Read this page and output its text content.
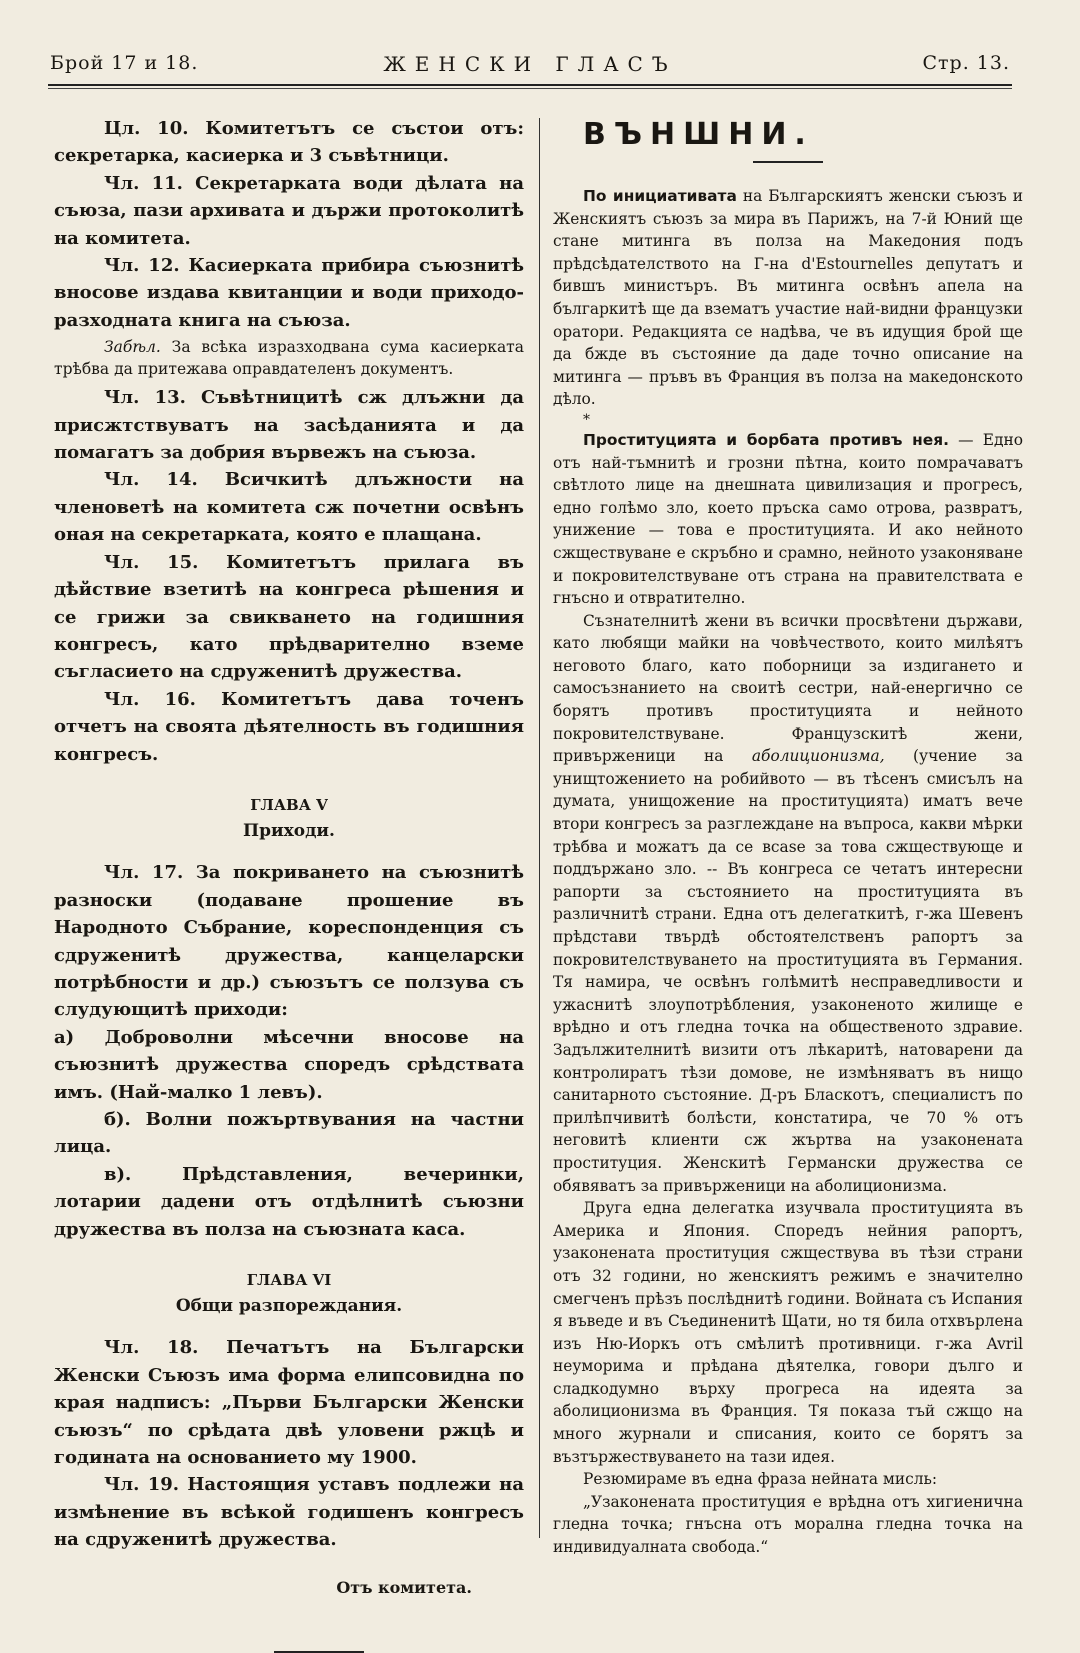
ЖЕНСКИ ГЛАСЪ
Брой 17 и 18.	Стр. 13.

Цл. 10. Комитетътъ се състои отъ: секретарка, касиерка и 3 съвѣтници.

Чл. 11. Секретарката води дѣлата на съюза, пази архивата и държи протоколитѣ на комитета.

Чл. 12. Касиерката прибира съюзнитѣ вносове издава квитанции и води приходо-разходната книга на съюза.

Забѣл. За всѣка изразходвана сума касиерката трѣбва да притежава оправдателенъ документъ.

Чл. 13. Съвѣтницитѣ сж длъжни да присжтствуватъ на засѣданията и да помагатъ за добрия вървежъ на съюза.

Чл. 14. Всичкитѣ длъжности на членоветѣ на комитета сж почетни освѣнъ оная на секретарката, която е плащана.

Чл. 15. Комитетътъ прилага въ дѣйствие взетитѣ на конгреса рѣшения и се грижи за свикването на годишния конгресъ, като прѣдварително вземе съгласието на сдруженитѣ дружества.

Чл. 16. Комитетътъ дава точенъ отчетъ на своята дѣятелность въ годишния конгресъ.

ГЛАВА V

Приходи.

Чл. 17. За покриването на съюзнитѣ разноски (подаване прошение въ Народното Събрание, кореспонденция съ сдруженитѣ дружества, канцеларски потрѣбности и др.) съюзътъ се ползува съ слудующитѣ приходи:

а) Доброволни мѣсечни вносове на съюзнитѣ дружества споредъ срѣдствата имъ. (Най-малко 1 левъ).

б). Волни пожъртвувания на частни лица.

в). Прѣдставления, вечеринки, лотарии дадени отъ отдѣлнитѣ съюзни дружества въ полза на съюзната каса.

ГЛАВА VI

Общи разпореждания.

Чл. 18. Печатътъ на Български Женски Съюзъ има форма елипсовидна по края надписъ: „Първи Български Женски съюзъ“ по срѣдата двѣ уловени ржцѣ и годината на основанието му 1900.

Чл. 19. Настоящия уставъ подлежи на измѣнение въ всѣкой годишенъ конгресъ на сдруженитѣ дружества.

Отъ комитета.

ВЪНШНИ.

По инициативата на Българскиятъ женски съюзъ и Женскиятъ съюзъ за мира въ Парижъ, на 7-й Юний ще стане митинга въ полза на Македония подъ прѣдсѣдателството на Г-на d'Estournelles депутатъ и бившъ министъръ. Въ митинга освѣнъ апела на българкитѣ ще да взематъ участие най-видни французки оратори. Редакцията се надѣва, че въ идущия брой ще да бжде въ състояние да даде точно описание на митинга — пръвъ въ Франция въ полза на македонското дѣло.

*

Проституцията и борбата противъ нея. — Едно отъ най-тъмнитѣ и грозни пѣтна, които помрачаватъ свѣтлото лице на днешната цивилизация и прогресъ, едно голѣмо зло, което пръска само отрова, развратъ, унижение — това е проституцията. И ако нейното сжществуване е скръбно и срамно, нейното узаконяване и покровителствуване отъ страна на правителствата е гнъсно и отвратително.

Съзнателнитѣ жени въ всички просвѣтени държави, като любящи майки на човѣчеството, които милѣятъ неговото благо, като поборници за издигането и самосъзнанието на своитѣ сестри, най-енергично се борятъ противъ проституцията и нейното покровителствуване. Французскитѣ жени, привърженици на аболиционизма, (учение за унищтожението на робийвото — въ тѣсенъ смисълъ на думата, унищожение на проституцията) иматъ вече втори конгресъ за разглеждане на въпроса, какви мѣрки трѣбва и можатъ да се вcase за това сжществующе и поддържано зло. -- Въ конгреса се четатъ интересни рапорти за състоянието на проституцията въ различнитѣ страни. Една отъ делегаткитѣ, г-жа Шевенъ прѣдстави твърдѣ обстоятелственъ рапортъ за покровителствуването на проституцията въ Германия. Тя намира, че освѣнъ голѣмитѣ несправедливости и ужаснитѣ злоупотрѣбления, узаконеното жилище е врѣдно и отъ гледна точка на общественото здравие. Задължителнитѣ визити отъ лѣкаритѣ, натоварени да контролиратъ тѣзи домове, не измѣняватъ въ нищо санитарното състояние. Д-ръ Бласкотъ, специалистъ по прилѣпчивитѣ болѣсти, констатира, че 70 % отъ неговитѣ клиенти сж жъртва на узаконената проституция. Женскитѣ Германски дружества се обявяватъ за привърженици на аболиционизма.

Друга една делегатка изучвала проституцията въ Америка и Япония. Споредъ нейния рапортъ, узаконената проституция сжществува въ тѣзи страни отъ 32 години, но женскиятъ режимъ е значително смегченъ прѣзъ послѣднитѣ години. Войната съ Испания я въведе и въ Съединенитѣ Щати, но тя била отхвърлена изъ Ню-Иоркъ отъ смѣлитѣ противници. г-жа Avril неуморима и прѣдана дѣятелка, говори дълго и сладкодумно върху прогреса на идеята за аболиционизма въ Франция. Тя показа тъй сжщо на много журнали и списания, които се борятъ за възтържествуването на тази идея.

Резюмираме въ една фраза нейната мисль:

„Узаконената проституция е врѣдна отъ хигиенична гледна точка; гнъсна отъ морална гледна точка на индивидуалната свобода.“
